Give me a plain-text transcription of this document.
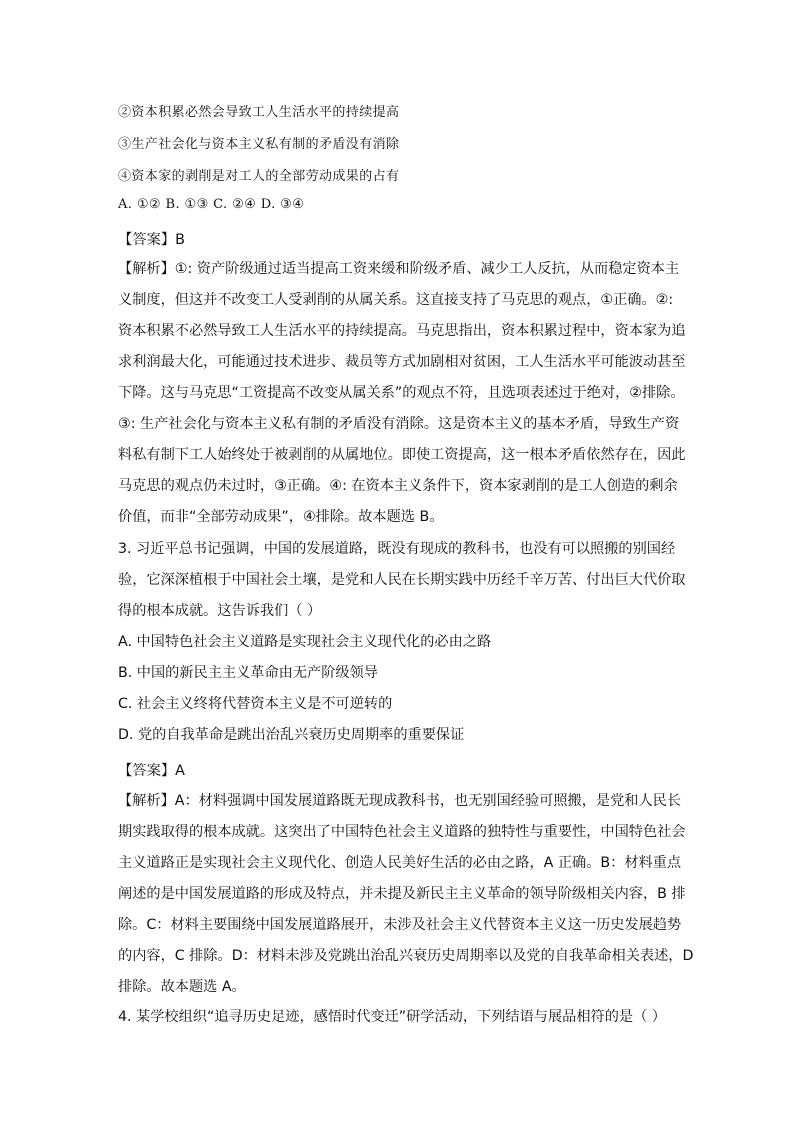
②资本积累必然会导致工人生活水平的持续提高
③生产社会化与资本主义私有制的矛盾没有消除
④资本家的剥削是对工人的全部劳动成果的占有
A. ①② B. ①③ C. ②④ D. ③④
【答案】B
【解析】①: 资产阶级通过适当提高工资来缓和阶级矛盾、减少工人反抗，从而稳定资本主
义制度，但这并不改变工人受剥削的从属关系。这直接支持了马克思的观点，①正确。②:
资本积累不必然导致工人生活水平的持续提高。马克思指出，资本积累过程中，资本家为追
求利润最大化，可能通过技术进步、裁员等方式加剧相对贫困，工人生活水平可能波动甚至
下降。这与马克思“工资提高不改变从属关系”的观点不符，且选项表述过于绝对，②排除。
③: 生产社会化与资本主义私有制的矛盾没有消除。这是资本主义的基本矛盾，导致生产资
料私有制下工人始终处于被剥削的从属地位。即使工资提高，这一根本矛盾依然存在，因此
马克思的观点仍未过时，③正确。④: 在资本主义条件下，资本家剥削的是工人创造的剩余
价值，而非“全部劳动成果”，④排除。故本题选 B。
3. 习近平总书记强调，中国的发展道路，既没有现成的教科书，也没有可以照搬的别国经
验，它深深植根于中国社会土壤，是党和人民在长期实践中历经千辛万苦、付出巨大代价取
得的根本成就。这告诉我们（ ）
A. 中国特色社会主义道路是实现社会主义现代化的必由之路
B. 中国的新民主主义革命由无产阶级领导
C. 社会主义终将代替资本主义是不可逆转的
D. 党的自我革命是跳出治乱兴衰历史周期率的重要保证
【答案】A
【解析】A：材料强调中国发展道路既无现成教科书，也无别国经验可照搬，是党和人民长
期实践取得的根本成就。这突出了中国特色社会主义道路的独特性与重要性，中国特色社会
主义道路正是实现社会主义现代化、创造人民美好生活的必由之路，A 正确。B：材料重点
阐述的是中国发展道路的形成及特点，并未提及新民主主义革命的领导阶级相关内容，B 排
除。C：材料主要围绕中国发展道路展开，未涉及社会主义代替资本主义这一历史发展趋势
的内容，C 排除。D：材料未涉及党跳出治乱兴衰历史周期率以及党的自我革命相关表述，D
排除。故本题选 A。
4. 某学校组织“追寻历史足迹，感悟时代变迁”研学活动，下列结语与展品相符的是（ ）
